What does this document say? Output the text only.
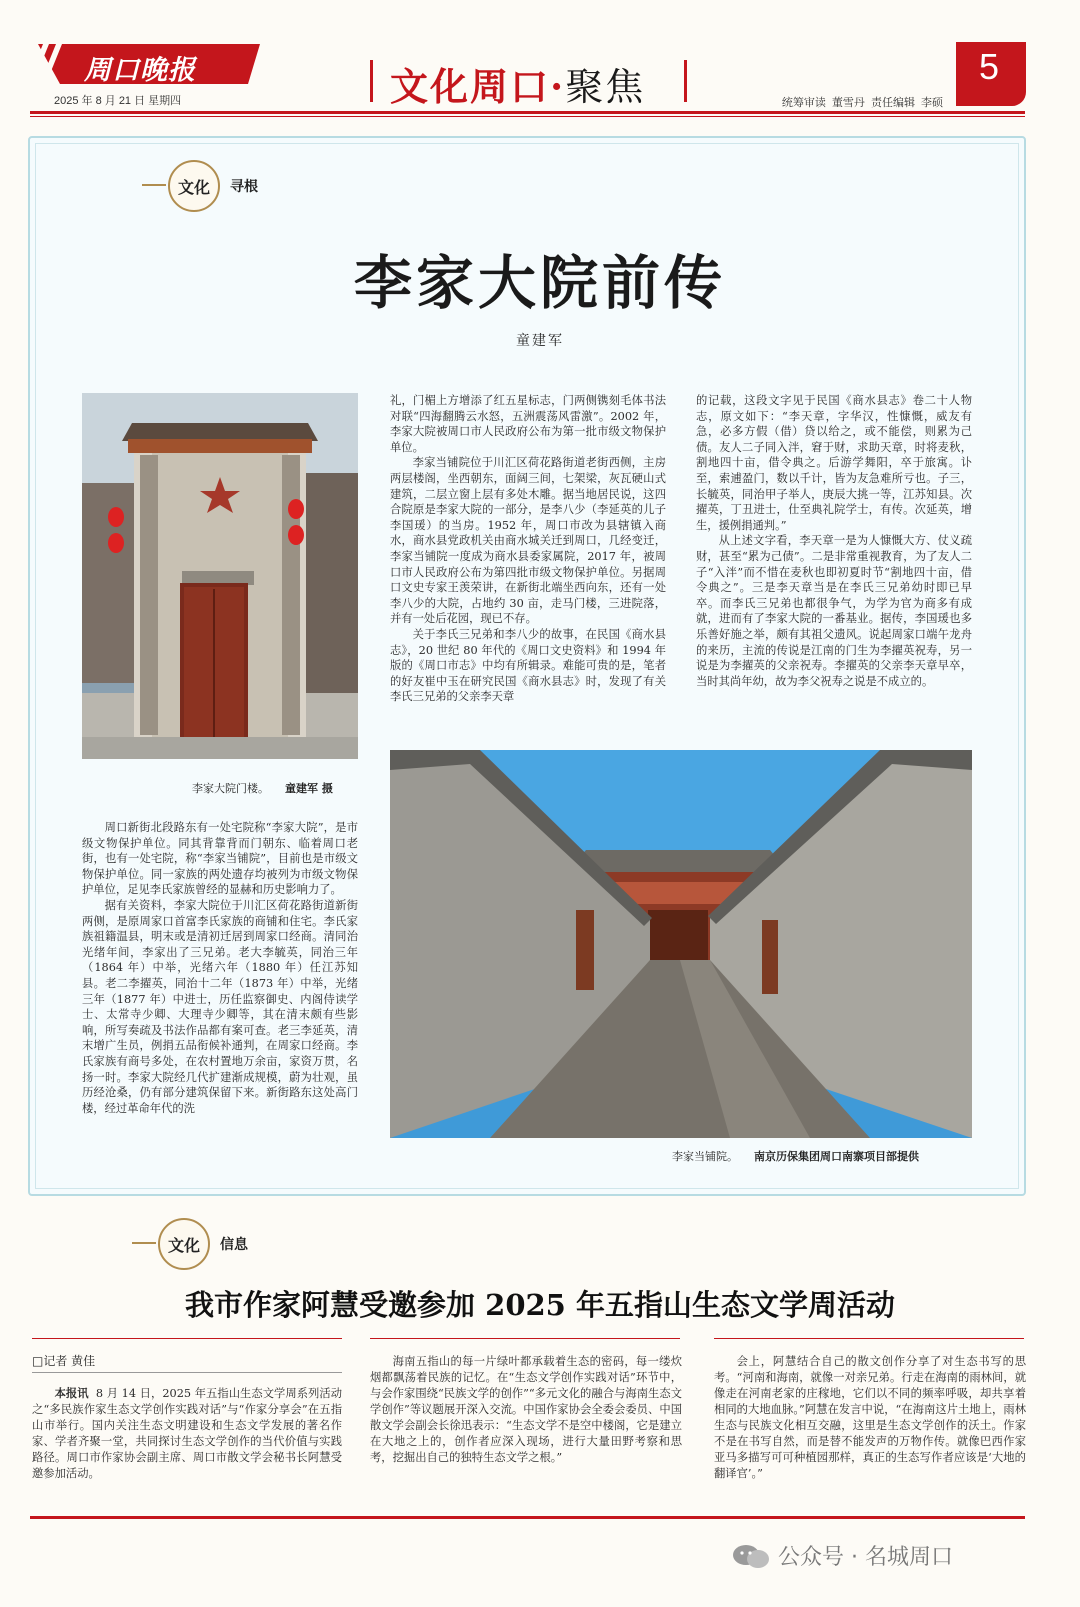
周口晚报
2025 年 8 月 21 日 星期四	文化周口·聚焦	统筹审读 董雪丹 责任编辑 李硕
5
文化	寻根
李家大院前传
童建军
李家大院门楼。 童建军 摄

周口新街北段路东有一处宅院称“李家大院”，是市级文物保护单位。同其背靠背而门朝东、临着周口老街，也有一处宅院，称“李家当铺院”，目前也是市级文物保护单位。同一家族的两处遗存均被列为市级文物保护单位，足见李氏家族曾经的显赫和历史影响力了。

据有关资料，李家大院位于川汇区荷花路街道新街两侧，是原周家口首富李氏家族的商铺和住宅。李氏家族祖籍温县，明末或是清初迁居到周家口经商。清同治光绪年间，李家出了三兄弟。老大李毓英，同治三年（1864 年）中举，光绪六年（1880 年）任江苏知县。老二李擢英，同治十二年（1873 年）中举，光绪三年（1877 年）中进士，历任监察御史、内阁侍读学士、太常寺少卿、大理寺少卿等，其在清末颇有些影响，所写奏疏及书法作品都有案可查。老三李延英，清末增广生员，例捐五品衔候补通判，在周家口经商。李氏家族有商号多处，在农村置地万余亩，家资万贯，名扬一时。李家大院经几代扩建渐成规模，蔚为壮观，虽历经沧桑，仍有部分建筑保留下来。新街路东这处高门楼，经过革命年代的洗

礼，门楣上方增添了红五星标志，门两侧镌刻毛体书法对联“四海翻腾云水怒，五洲震荡风雷激”。2002 年，李家大院被周口市人民政府公布为第一批市级文物保护单位。

李家当铺院位于川汇区荷花路街道老街西侧，主房两层楼阁，坐西朝东，面阔三间，七架梁，灰瓦硬山式建筑，二层立窗上层有多处木雕。据当地居民说，这四合院原是李家大院的一部分，是李八少（李延英的儿子李国瑗）的当房。1952 年，周口市改为县辖镇入商水，商水县党政机关由商水城关迁到周口，几经变迁，李家当铺院一度成为商水县委家属院，2017 年，被周口市人民政府公布为第四批市级文物保护单位。另据周口文史专家王羡荣讲，在新街北端坐西向东，还有一处李八少的大院，占地约 30 亩，走马门楼，三进院落，并有一处后花园，现已不存。

关于李氏三兄弟和李八少的故事，在民国《商水县志》，20 世纪 80 年代的《周口文史资料》和 1994 年版的《周口市志》中均有所辑录。难能可贵的是，笔者的好友崔中玉在研究民国《商水县志》时，发现了有关李氏三兄弟的父亲李天章

的记载，这段文字见于民国《商水县志》卷二十人物志，原文如下：“李天章，字华汉，性慷慨，威友有急，必多方假（借）贷以给之，或不能偿，则累为己债。友人二子同入泮，窘于财，求助天章，时将麦秋，割地四十亩，借令典之。后游学舞阳，卒于旅寓。讣至，索逋盈门，数以千计，皆为友急难所亏也。子三，长毓英，同治甲子举人，庚辰大挑一等，江苏知县。次擢英，丁丑进士，仕至典礼院学士，有传。次延英，增生，援例捐通判。”

从上述文字看，李天章一是为人慷慨大方、仗义疏财，甚至“累为己债”。二是非常重视教育，为了友人二子“入泮”而不惜在麦秋也即初夏时节“割地四十亩，借令典之”。三是李天章当是在李氏三兄弟幼时即已早卒。而李氏三兄弟也都很争气，为学为官为商多有成就，进而有了李家大院的一番基业。据传，李国瑗也多乐善好施之举，颇有其祖父遗风。说起周家口端午龙舟的来历，主流的传说是江南的门生为李擢英祝寿，另一说是为李擢英的父亲祝寿。李擢英的父亲李天章早卒，当时其尚年幼，故为李父祝寿之说是不成立的。

李家当铺院。 南京历保集团周口南寨项目部提供
文化	信息
我市作家阿慧受邀参加 2025 年五指山生态文学周活动
□记者 黄佳

本报讯 8 月 14 日，2025 年五指山生态文学周系列活动之“多民族作家生态文学创作实践对话”与“作家分享会”在五指山市举行。国内关注生态文明建设和生态文学发展的著名作家、学者齐聚一堂，共同探讨生态文学创作的当代价值与实践路径。周口市作家协会副主席、周口市散文学会秘书长阿慧受邀参加活动。

海南五指山的每一片绿叶都承载着生态的密码，每一缕炊烟都飘荡着民族的记忆。在“生态文学创作实践对话”环节中，与会作家围绕“民族文学的创作”“多元文化的融合与海南生态文学创作”等议题展开深入交流。中国作家协会全委会委员、中国散文学会副会长徐迅表示：“生态文学不是空中楼阁，它是建立在大地之上的，创作者应深入现场，进行大量田野考察和思考，挖掘出自己的独特生态文学之根。”

会上，阿慧结合自己的散文创作分享了对生态书写的思考。“河南和海南，就像一对亲兄弟。行走在海南的雨林间，就像走在河南老家的庄稼地，它们以不同的频率呼吸，却共享着相同的大地血脉。”阿慧在发言中说，“在海南这片土地上，雨林生态与民族文化相互交融，这里是生态文学创作的沃土。作家不是在书写自然，而是替不能发声的万物作传。就像巴西作家亚马多描写可可种植园那样，真正的生态写作者应该是‘大地的翻译官’。”

公众号 · 名城周口
